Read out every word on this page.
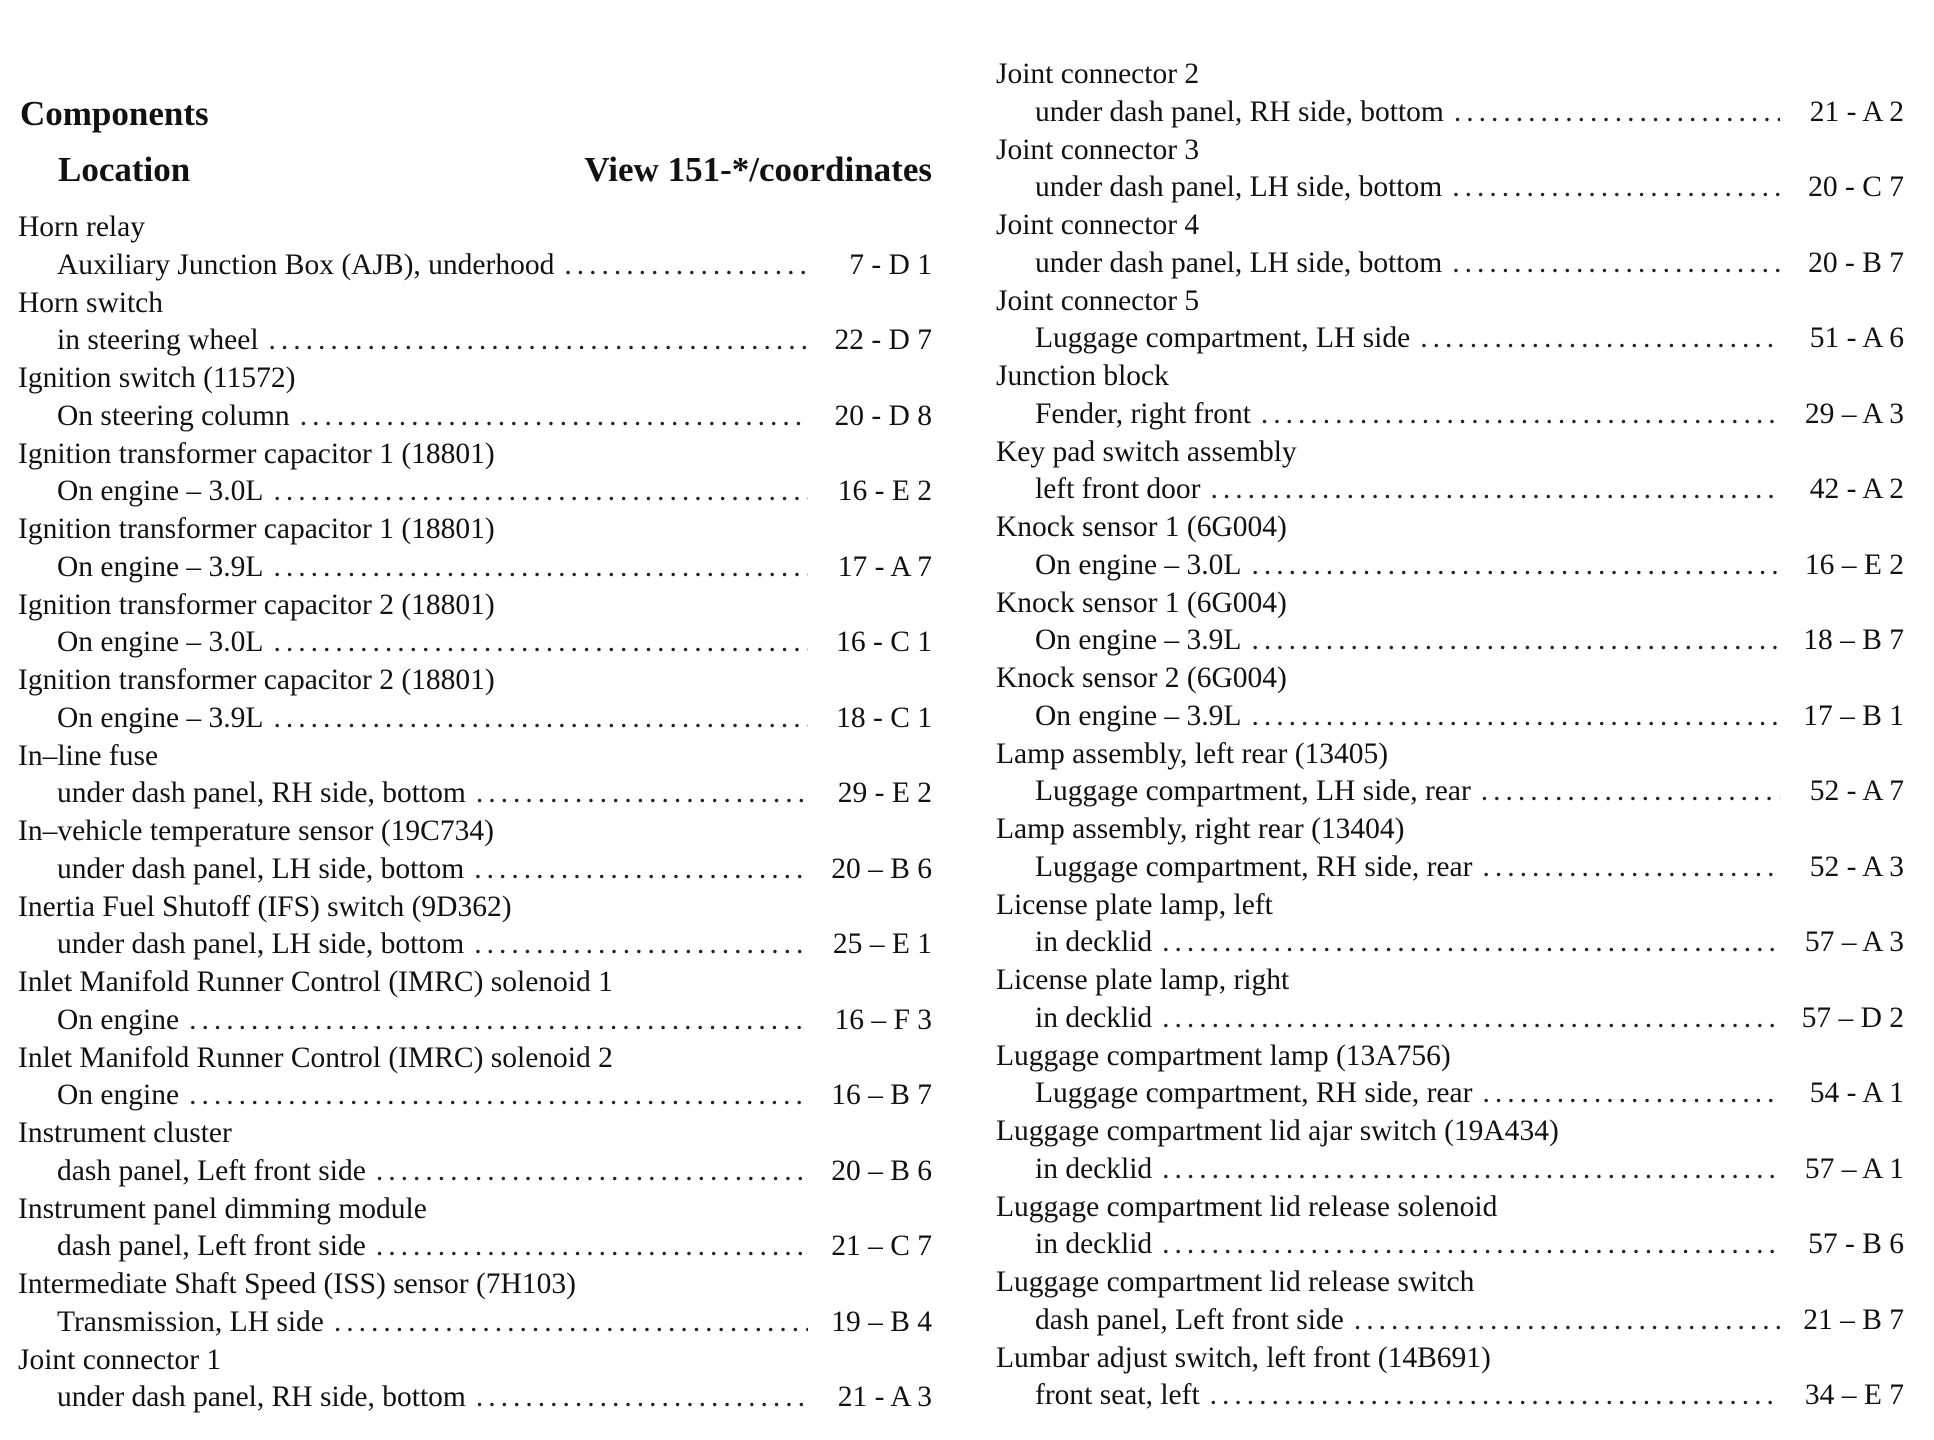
Components
Location	View 151-*/coordinates
Horn relay
Auxiliary Junction Box (AJB), underhood .....	7 - D 1
Horn switch
in steering wheel .....	22 - D 7
Ignition switch (11572)
On steering column .....	20 - D 8
Ignition transformer capacitor 1 (18801)
On engine – 3.0L .....	16 - E 2
Ignition transformer capacitor 1 (18801)
On engine – 3.9L .....	17 - A 7
Ignition transformer capacitor 2 (18801)
On engine – 3.0L .....	16 - C 1
Ignition transformer capacitor 2 (18801)
On engine – 3.9L .....	18 - C 1
In–line fuse
under dash panel, RH side, bottom .....	29 - E 2
In–vehicle temperature sensor (19C734)
under dash panel, LH side, bottom .....	20 – B 6
Inertia Fuel Shutoff (IFS) switch (9D362)
under dash panel, LH side, bottom .....	25 – E 1
Inlet Manifold Runner Control (IMRC) solenoid 1
On engine .....	16 – F 3
Inlet Manifold Runner Control (IMRC) solenoid 2
On engine .....	16 – B 7
Instrument cluster
dash panel, Left front side .....	20 – B 6
Instrument panel dimming module
dash panel, Left front side .....	21 – C 7
Intermediate Shaft Speed (ISS) sensor (7H103)
Transmission, LH side .....	19 – B 4
Joint connector 1
under dash panel, RH side, bottom .....	21 - A 3
Joint connector 2
under dash panel, RH side, bottom .....	21 - A 2
Joint connector 3
under dash panel, LH side, bottom .....	20 - C 7
Joint connector 4
under dash panel, LH side, bottom .....	20 - B 7
Joint connector 5
Luggage compartment, LH side .....	51 - A 6
Junction block
Fender, right front .....	29 – A 3
Key pad switch assembly
left front door .....	42 - A 2
Knock sensor 1 (6G004)
On engine – 3.0L .....	16 – E 2
Knock sensor 1 (6G004)
On engine – 3.9L .....	18 – B 7
Knock sensor 2 (6G004)
On engine – 3.9L .....	17 – B 1
Lamp assembly, left rear (13405)
Luggage compartment, LH side, rear .....	52 - A 7
Lamp assembly, right rear (13404)
Luggage compartment, RH side, rear .....	52 - A 3
License plate lamp, left
in decklid .....	57 – A 3
License plate lamp, right
in decklid .....	57 – D 2
Luggage compartment lamp (13A756)
Luggage compartment, RH side, rear .....	54 - A 1
Luggage compartment lid ajar switch (19A434)
in decklid .....	57 – A 1
Luggage compartment lid release solenoid
in decklid .....	57 - B 6
Luggage compartment lid release switch
dash panel, Left front side .....	21 – B 7
Lumbar adjust switch, left front (14B691)
front seat, left .....	34 – E 7
